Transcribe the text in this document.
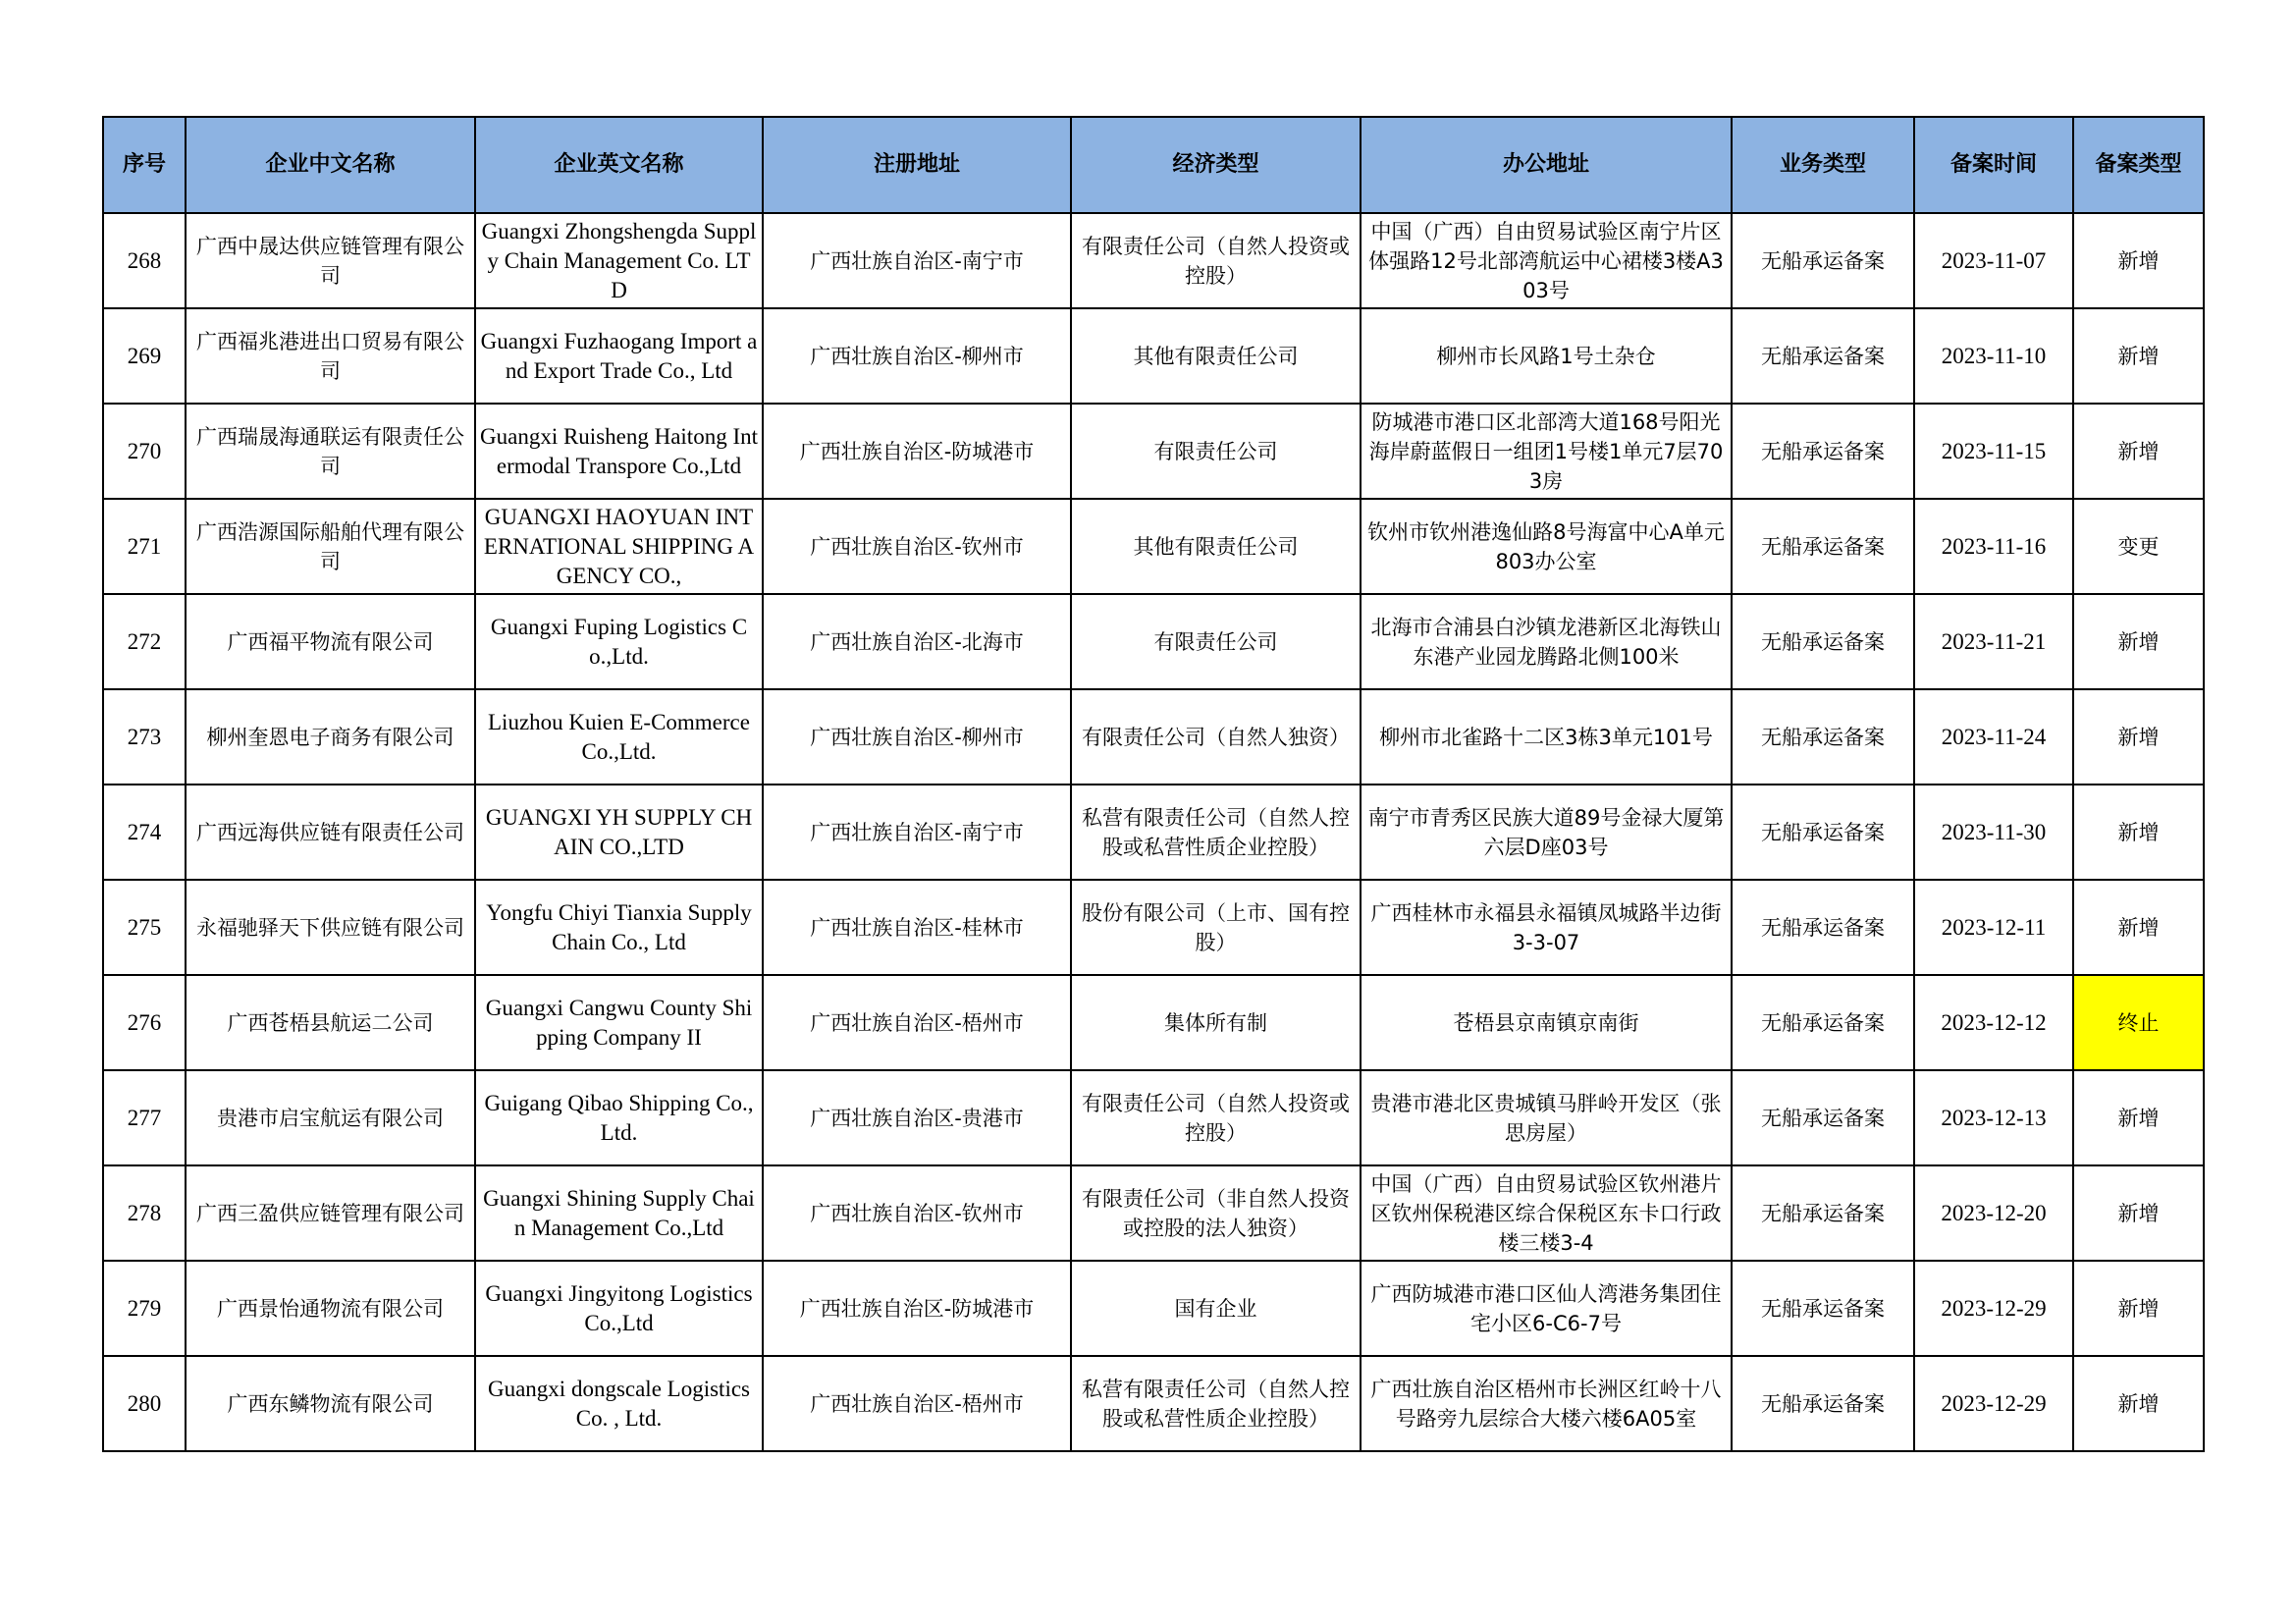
序号	企业中文名称	企业英文名称	注册地址	经济类型	办公地址	业务类型	备案时间	备案类型
268	广西中晟达供应链管理有限公司	Guangxi Zhongshengda Supply Chain Management Co. LTD	广西壮族自治区-南宁市	有限责任公司（自然人投资或控股）	中国（广西）自由贸易试验区南宁片区体强路12号北部湾航运中心裙楼3楼A303号	无船承运备案	2023-11-07	新增
269	广西福兆港进出口贸易有限公司	Guangxi Fuzhaogang Import and Export Trade Co., Ltd	广西壮族自治区-柳州市	其他有限责任公司	柳州市长风路1号土杂仓	无船承运备案	2023-11-10	新增
270	广西瑞晟海通联运有限责任公司	Guangxi Ruisheng Haitong Intermodal Transpore Co.,Ltd	广西壮族自治区-防城港市	有限责任公司	防城港市港口区北部湾大道168号阳光海岸蔚蓝假日一组团1号楼1单元7层703房	无船承运备案	2023-11-15	新增
271	广西浩源国际船舶代理有限公司	GUANGXI HAOYUAN INTERNATIONAL SHIPPING AGENCY CO.,	广西壮族自治区-钦州市	其他有限责任公司	钦州市钦州港逸仙路8号海富中心A单元803办公室	无船承运备案	2023-11-16	变更
272	广西福平物流有限公司	Guangxi Fuping Logistics Co.,Ltd.	广西壮族自治区-北海市	有限责任公司	北海市合浦县白沙镇龙港新区北海铁山东港产业园龙腾路北侧100米	无船承运备案	2023-11-21	新增
273	柳州奎恩电子商务有限公司	Liuzhou Kuien E-Commerce Co.,Ltd.	广西壮族自治区-柳州市	有限责任公司（自然人独资）	柳州市北雀路十二区3栋3单元101号	无船承运备案	2023-11-24	新增
274	广西远海供应链有限责任公司	GUANGXI YH SUPPLY CHAIN CO.,LTD	广西壮族自治区-南宁市	私营有限责任公司（自然人控股或私营性质企业控股）	南宁市青秀区民族大道89号金禄大厦第六层D座03号	无船承运备案	2023-11-30	新增
275	永福驰驿天下供应链有限公司	Yongfu Chiyi Tianxia Supply Chain Co., Ltd	广西壮族自治区-桂林市	股份有限公司（上市、国有控股）	广西桂林市永福县永福镇凤城路半边街3-3-07	无船承运备案	2023-12-11	新增
276	广西苍梧县航运二公司	Guangxi Cangwu County Shipping Company II	广西壮族自治区-梧州市	集体所有制	苍梧县京南镇京南街	无船承运备案	2023-12-12	终止
277	贵港市启宝航运有限公司	Guigang Qibao Shipping Co., Ltd.	广西壮族自治区-贵港市	有限责任公司（自然人投资或控股）	贵港市港北区贵城镇马胖岭开发区（张思房屋）	无船承运备案	2023-12-13	新增
278	广西三盈供应链管理有限公司	Guangxi Shining Supply Chain Management Co.,Ltd	广西壮族自治区-钦州市	有限责任公司（非自然人投资或控股的法人独资）	中国（广西）自由贸易试验区钦州港片区钦州保税港区综合保税区东卡口行政楼三楼3-4	无船承运备案	2023-12-20	新增
279	广西景怡通物流有限公司	Guangxi Jingyitong Logistics Co.,Ltd	广西壮族自治区-防城港市	国有企业	广西防城港市港口区仙人湾港务集团住宅小区6-C6-7号	无船承运备案	2023-12-29	新增
280	广西东鳞物流有限公司	Guangxi dongscale Logistics Co. , Ltd.	广西壮族自治区-梧州市	私营有限责任公司（自然人控股或私营性质企业控股）	广西壮族自治区梧州市长洲区红岭十八号路旁九层综合大楼六楼6A05室	无船承运备案	2023-12-29	新增
